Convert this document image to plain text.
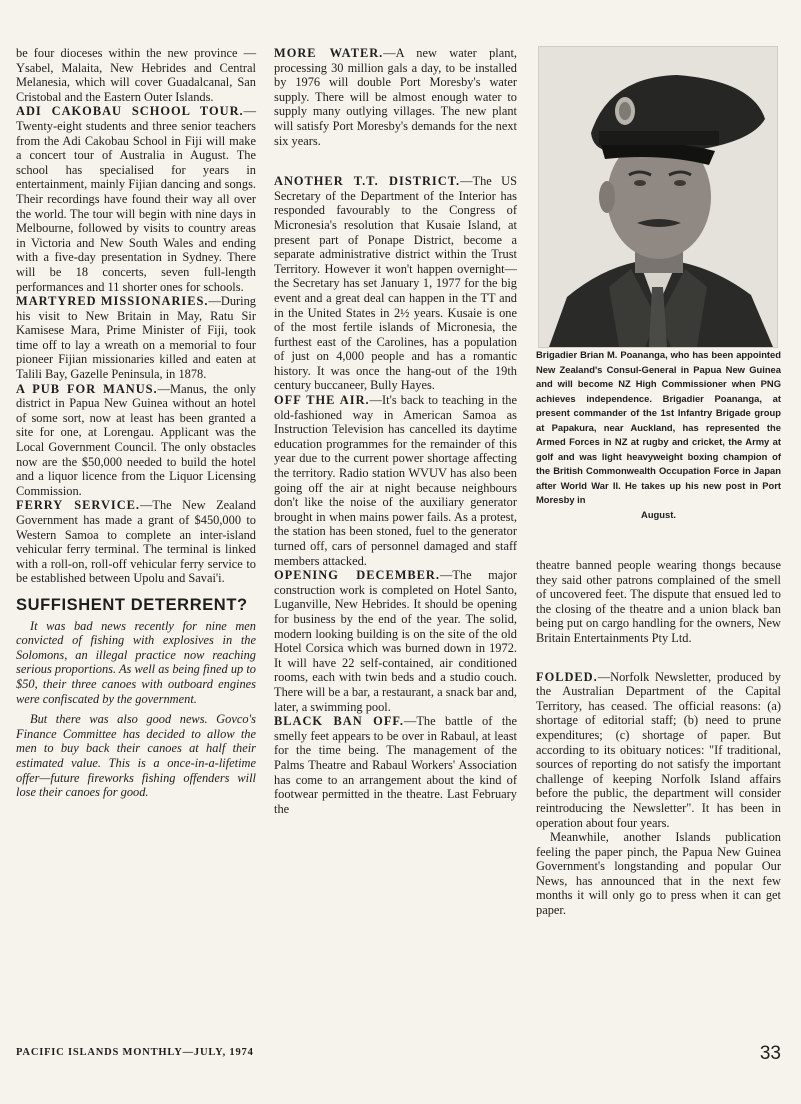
be four dioceses within the new province — Ysabel, Malaita, New Hebrides and Central Melanesia, which will cover Guadalcanal, San Cristobal and the Eastern Outer Islands.

ADI CAKOBAU SCHOOL TOUR.—Twenty-eight students and three senior teachers from the Adi Cakobau School in Fiji will make a concert tour of Australia in August. The school has specialised for years in entertainment, mainly Fijian dancing and songs. Their recordings have found their way all over the world. The tour will begin with nine days in Melbourne, followed by visits to country areas in Victoria and New South Wales and ending with a five-day presentation in Sydney. There will be 18 concerts, seven full-length performances and 11 shorter ones for schools.

MARTYRED MISSIONARIES.—During his visit to New Britain in May, Ratu Sir Kamisese Mara, Prime Minister of Fiji, took time off to lay a wreath on a memorial to four pioneer Fijian missionaries killed and eaten at Talili Bay, Gazelle Peninsula, in 1878.

A PUB FOR MANUS.—Manus, the only district in Papua New Guinea without an hotel of some sort, now at least has been granted a site for one, at Lorengau. Applicant was the Local Government Council. The only obstacles now are the $50,000 needed to build the hotel and a liquor licence from the Liquor Licensing Commission.

FERRY SERVICE.—The New Zealand Government has made a grant of $450,000 to Western Samoa to complete an inter-island vehicular ferry terminal. The terminal is linked with a roll-on, roll-off vehicular ferry service to be established between Upolu and Savai'i.

SUFFISHENT DETERRENT?

It was bad news recently for nine men convicted of fishing with explosives in the Solomons, an illegal practice now reaching serious proportions. As well as being fined up to $50, their three canoes with outboard engines were confiscated by the government.

But there was also good news. Govco's Finance Committee has decided to allow the men to buy back their canoes at half their estimated value. This is a once-in-a-lifetime offer—future fireworks fishing offenders will lose their canoes for good.

MORE WATER.—A new water plant, processing 30 million gals a day, to be installed by 1976 will double Port Moresby's water supply. There will be almost enough water to supply many outlying villages. The new plant will satisfy Port Moresby's demands for the next six years.

ANOTHER T.T. DISTRICT.—The US Secretary of the Department of the Interior has responded favourably to the Congress of Micronesia's resolution that Kusaie Island, at present part of Ponape District, become a separate administrative district within the Trust Territory. However it won't happen overnight—the Secretary has set January 1, 1977 for the big event and a great deal can happen in the TT and in the United States in 2½ years. Kusaie is one of the most fertile islands of Micronesia, the furthest east of the Carolines, has a population of just on 4,000 people and has a romantic history. It was once the hang-out of the 19th century buccaneer, Bully Hayes.

OFF THE AIR.—It's back to teaching in the old-fashioned way in American Samoa as Instruction Television has cancelled its daytime education programmes for the remainder of this year due to the current power shortage affecting the territory. Radio station WVUV has also been going off the air at night because neighbours don't like the noise of the auxiliary generator brought in when mains power fails. As a protest, the station has been stoned, fuel to the generator turned off, cars of personnel damaged and staff members attacked.

OPENING DECEMBER.—The major construction work is completed on Hotel Santo, Luganville, New Hebrides. It should be opening for business by the end of the year. The solid, modern looking building is on the site of the old Hotel Corsica which was burned down in 1972. It will have 22 self-contained, air conditioned rooms, each with twin beds and a studio couch. There will be a bar, a restaurant, a snack bar and, later, a swimming pool.

BLACK BAN OFF.—The battle of the smelly feet appears to be over in Rabaul, at least for the time being. The management of the Palms Theatre and Rabaul Workers' Association has come to an arrangement about the kind of footwear permitted in the theatre. Last February the

Brigadier Brian M. Poananga, who has been appointed New Zealand's Consul-General in Papua New Guinea and will become NZ High Commissioner when PNG achieves independence. Brigadier Poananga, at present commander of the 1st Infantry Brigade group at Papakura, near Auckland, has represented the Armed Forces in NZ at rugby and cricket, the Army at golf and was light heavyweight boxing champion of the British Commonwealth Occupation Force in Japan after World War II. He takes up his new post in Port Moresby in
August.

theatre banned people wearing thongs because they said other patrons complained of the smell of uncovered feet. The dispute that ensued led to the closing of the theatre and a union black ban being put on cargo handling for the owners, New Britain Entertainments Pty Ltd.

FOLDED.—Norfolk Newsletter, produced by the Australian Department of the Capital Territory, has ceased. The official reasons: (a) shortage of editorial staff; (b) need to prune expenditures; (c) shortage of paper. But according to its obituary notices: "If traditional, sources of reporting do not satisfy the important challenge of keeping Norfolk Island affairs before the public, the department will consider reintroducing the Newsletter". It has been in operation about four years.

Meanwhile, another Islands publication feeling the paper pinch, the Papua New Guinea Government's longstanding and popular Our News, has announced that in the next few months it will only go to press when it can get paper.

PACIFIC ISLANDS MONTHLY—JULY, 1974	33
